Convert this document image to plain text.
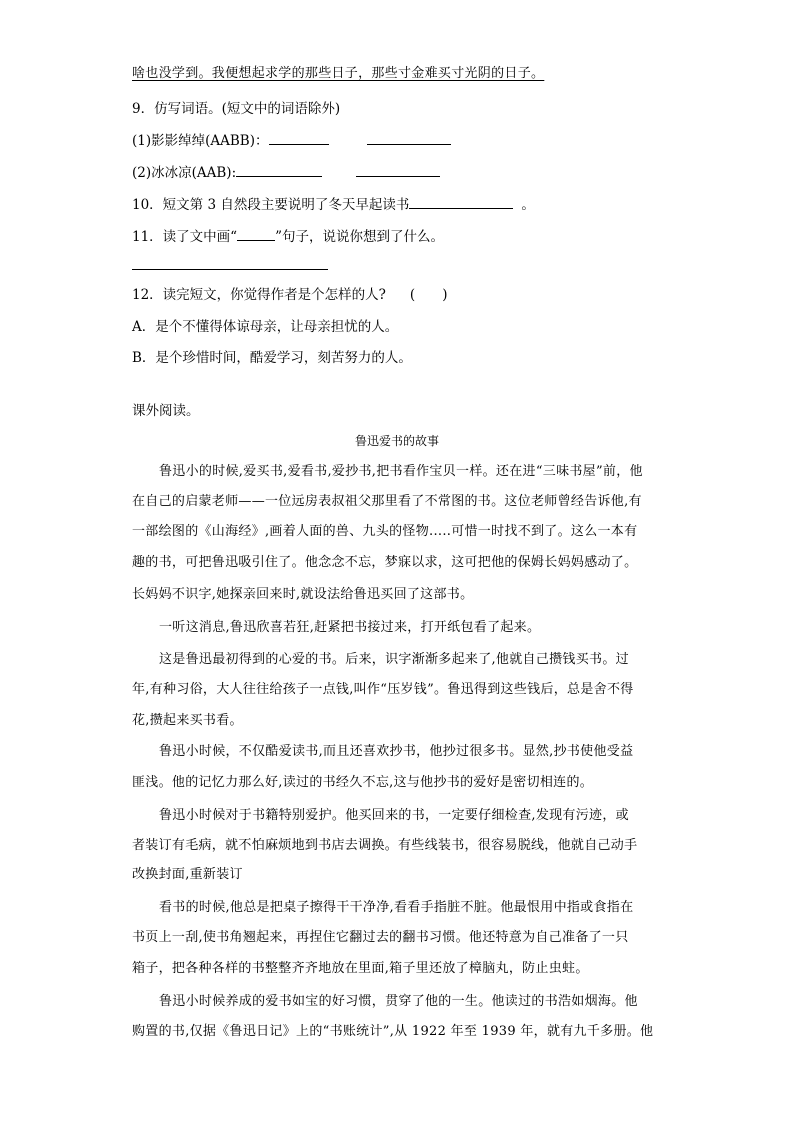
啥也没学到。我便想起求学的那些日子，那些寸金难买寸光阴的日子。
9．仿写词语。(短文中的词语除外)
(1)影影绰绰(AABB)：
(2)冰冰凉(AAB):
10．短文第 3 自然段主要说明了冬天早起读书	。
11．读了文中画“	”句子，说说你想到了什么。
12．读完短文，你觉得作者是个怎样的人? (　　)
A．是个不懂得体谅母亲，让母亲担忧的人。
B．是个珍惜时间，酷爱学习，刻苦努力的人。
课外阅读。
鲁迅爱书的故事
鲁迅小的时候,爱买书,爱看书,爱抄书,把书看作宝贝一样。还在进“三味书屋”前，他
在自己的启蒙老师——一位远房表叔祖父那里看了不常图的书。这位老师曾经告诉他,有
一部绘图的《山海经》,画着人面的兽、九头的怪物.....可惜一时找不到了。这么一本有
趣的书，可把鲁迅吸引住了。他念念不忘，梦寐以求，这可把他的保姆长妈妈感动了。
长妈妈不识字,她探亲回来时,就设法给鲁迅买回了这部书。
一听这消息,鲁迅欣喜若狂,赶紧把书接过来，打开纸包看了起来。
这是鲁迅最初得到的心爱的书。后来，识字渐渐多起来了,他就自己攒钱买书。过
年,有种习俗，大人往往给孩子一点钱,叫作“压岁钱”。鲁迅得到这些钱后，总是舍不得
花,攒起来买书看。
鲁迅小时候，不仅酷爱读书,而且还喜欢抄书，他抄过很多书。显然,抄书使他受益
匪浅。他的记忆力那么好,读过的书经久不忘,这与他抄书的爱好是密切相连的。
鲁迅小时候对于书籍特别爱护。他买回来的书，一定要仔细检查,发现有污迹，或
者装订有毛病，就不怕麻烦地到书店去调换。有些线装书，很容易脱线，他就自己动手
改换封面,重新装订
看书的时候,他总是把桌子擦得干干净净,看看手指脏不脏。他最恨用中指或食指在
书页上一刮,使书角翘起来，再捏住它翻过去的翻书习惯。他还特意为自己准备了一只
箱子，把各种各样的书整整齐齐地放在里面,箱子里还放了樟脑丸，防止虫蛀。
鲁迅小时候养成的爱书如宝的好习惯，贯穿了他的一生。他读过的书浩如烟海。他
购置的书,仅据《鲁迅日记》上的“书账统计”,从 1922 年至 1939 年，就有九千多册。他
